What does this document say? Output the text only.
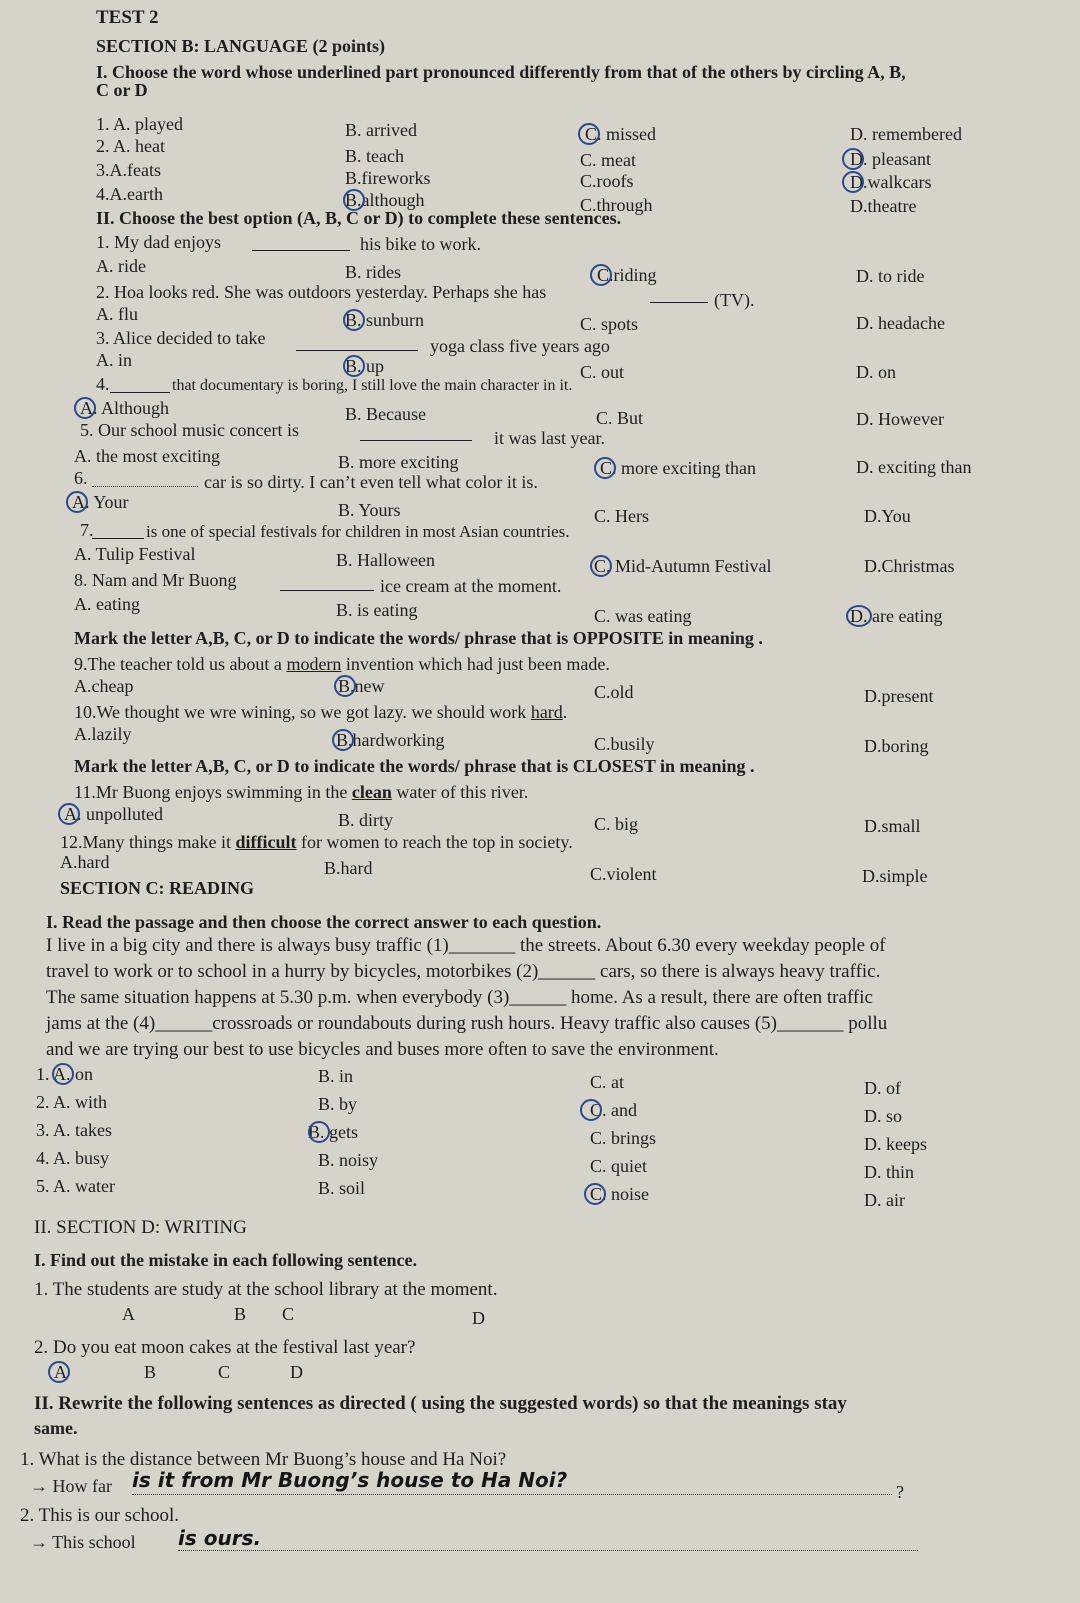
TEST 2
SECTION B: LANGUAGE (2 points)
I. Choose the word whose underlined part pronounced differently from that of the others by circling A, B,
C or D
1. A. played	B. arrived	C. missed	D. remembered
2. A. heat	B. teach	C. meat	D. pleasant
3.A.feats	B.fireworks	C.roofs	D.walkcars
4.A.earth	B.although	C.through	D.theatre
II. Choose the best option (A, B, C or D) to complete these sentences.
1. My dad enjoys	his bike to work.
A. ride	B. rides	C.riding	D. to ride
2. Hoa looks red. She was outdoors yesterday. Perhaps she has	(TV).
A. flu	B. sunburn	C. spots	D. headache
3. Alice decided to take	yoga class five years ago
A. in	B. up	C. out	D. on
4.	that documentary is boring, I still love the main character in it.
A. Although	B. Because	C. But	D. However
5. Our school music concert is	it was last year.
A. the most exciting	B. more exciting	C. more exciting than	D. exciting than
6.	car is so dirty. I can’t even tell what color it is.
A. Your	B. Yours	C. Hers	D.You
7.	is one of special festivals for children in most Asian countries.
A. Tulip Festival	B. Halloween	C. Mid-Autumn Festival	D.Christmas
8. Nam and Mr Buong	ice cream at the moment.
A. eating	B. is eating	C. was eating	D. are eating
Mark the letter A,B, C, or D to indicate the words/ phrase that is OPPOSITE in meaning .
9.The teacher told us about a modern invention which had just been made.
A.cheap	B.new	C.old	D.present
10.We thought we wre wining, so we got lazy. we should work hard.
A.lazily	B.hardworking	C.busily	D.boring
Mark the letter A,B, C, or D to indicate the words/ phrase that is CLOSEST in meaning .
11.Mr Buong enjoys swimming in the clean water of this river.
A. unpolluted	B. dirty	C. big	D.small
12.Many things make it difficult for women to reach the top in society.
A.hard	B.hard	C.violent	D.simple
SECTION C: READING
I. Read the passage and then choose the correct answer to each question.
I live in a big city and there is always busy traffic (1)_______ the streets. About 6.30 every weekday people of
travel to work or to school in a hurry by bicycles, motorbikes (2)______ cars, so there is always heavy traffic.
The same situation happens at 5.30 p.m. when everybody (3)______ home. As a result, there are often traffic
jams at the (4)______crossroads or roundabouts during rush hours. Heavy traffic also causes (5)_______ pollu
and we are trying our best to use bicycles and buses more often to save the environment.
1. A. on	B. in	C. at	D. of
2. A. with	B. by	C. and	D. so
3. A. takes	B. gets	C. brings	D. keeps
4. A. busy	B. noisy	C. quiet	D. thin
5. A. water	B. soil	C. noise	D. air
II. SECTION D: WRITING
I. Find out the mistake in each following sentence.
1. The students are study at the school library at the moment.
A	B C	D
2. Do you eat moon cakes at the festival last year?
A	B	C	D
II. Rewrite the following sentences as directed ( using the suggested words) so that the meanings stay
same.
1. What is the distance between Mr Buong’s house and Ha Noi?
→ How far is it from Mr Buong’s house to Ha Noi?	?
2. This is our school.
→ This school is ours.
